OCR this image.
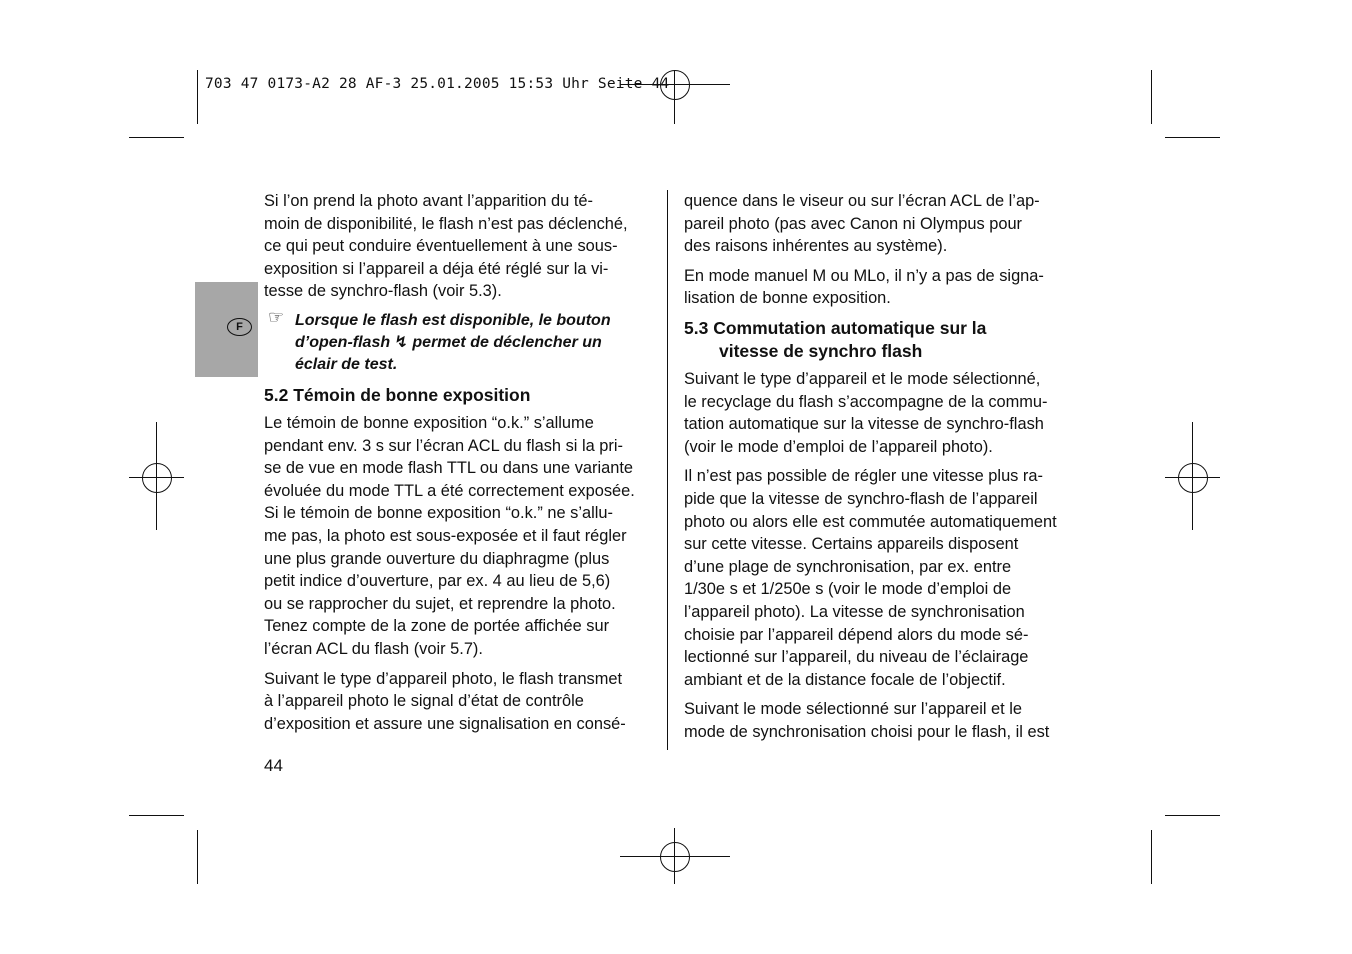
703 47 0173-A2 28 AF-3 25.01.2005 15:53 Uhr Seite 44
F

Si l’on prend la photo avant l’apparition du té-
moin de disponibilité, le flash n’est pas déclenché,
ce qui peut conduire éventuellement à une sous-
exposition si l’appareil a déja été réglé sur la vi-
tesse de synchro-flash (voir 5.3).

☞ Lorsque le flash est disponible, le bouton
d’open-flash ↯ permet de déclencher un
éclair de test.
5.2 Témoin de bonne exposition

Le témoin de bonne exposition “o.k.” s’allume
pendant env. 3 s sur l’écran ACL du flash si la pri-
se de vue en mode flash TTL ou dans une variante
évoluée du mode TTL a été correctement exposée.
Si le témoin de bonne exposition “o.k.” ne s’allu-
me pas, la photo est sous-exposée et il faut régler
une plus grande ouverture du diaphragme (plus
petit indice d’ouverture, par ex. 4 au lieu de 5,6)
ou se rapprocher du sujet, et reprendre la photo.
Tenez compte de la zone de portée affichée sur
l’écran ACL du flash (voir 5.7).

Suivant le type d’appareil photo, le flash transmet
à l’appareil photo le signal d’état de contrôle
d’exposition et assure une signalisation en consé-

quence dans le viseur ou sur l’écran ACL de l’ap-
pareil photo (pas avec Canon ni Olympus pour
des raisons inhérentes au système).

En mode manuel M ou MLo, il n’y a pas de signa-
lisation de bonne exposition.

5.3 Commutation automatique sur la
vitesse de synchro flash

Suivant le type d’appareil et le mode sélectionné,
le recyclage du flash s’accompagne de la commu-
tation automatique sur la vitesse de synchro-flash
(voir le mode d’emploi de l’appareil photo).

Il n’est pas possible de régler une vitesse plus ra-
pide que la vitesse de synchro-flash de l’appareil
photo ou alors elle est commutée automatiquement
sur cette vitesse. Certains appareils disposent
d’une plage de synchronisation, par ex. entre
1/30e s et 1/250e s (voir le mode d’emploi de
l’appareil photo). La vitesse de synchronisation
choisie par l’appareil dépend alors du mode sé-
lectionné sur l’appareil, du niveau de l’éclairage
ambiant et de la distance focale de l’objectif.

Suivant le mode sélectionné sur l’appareil et le
mode de synchronisation choisi pour le flash, il est

44
